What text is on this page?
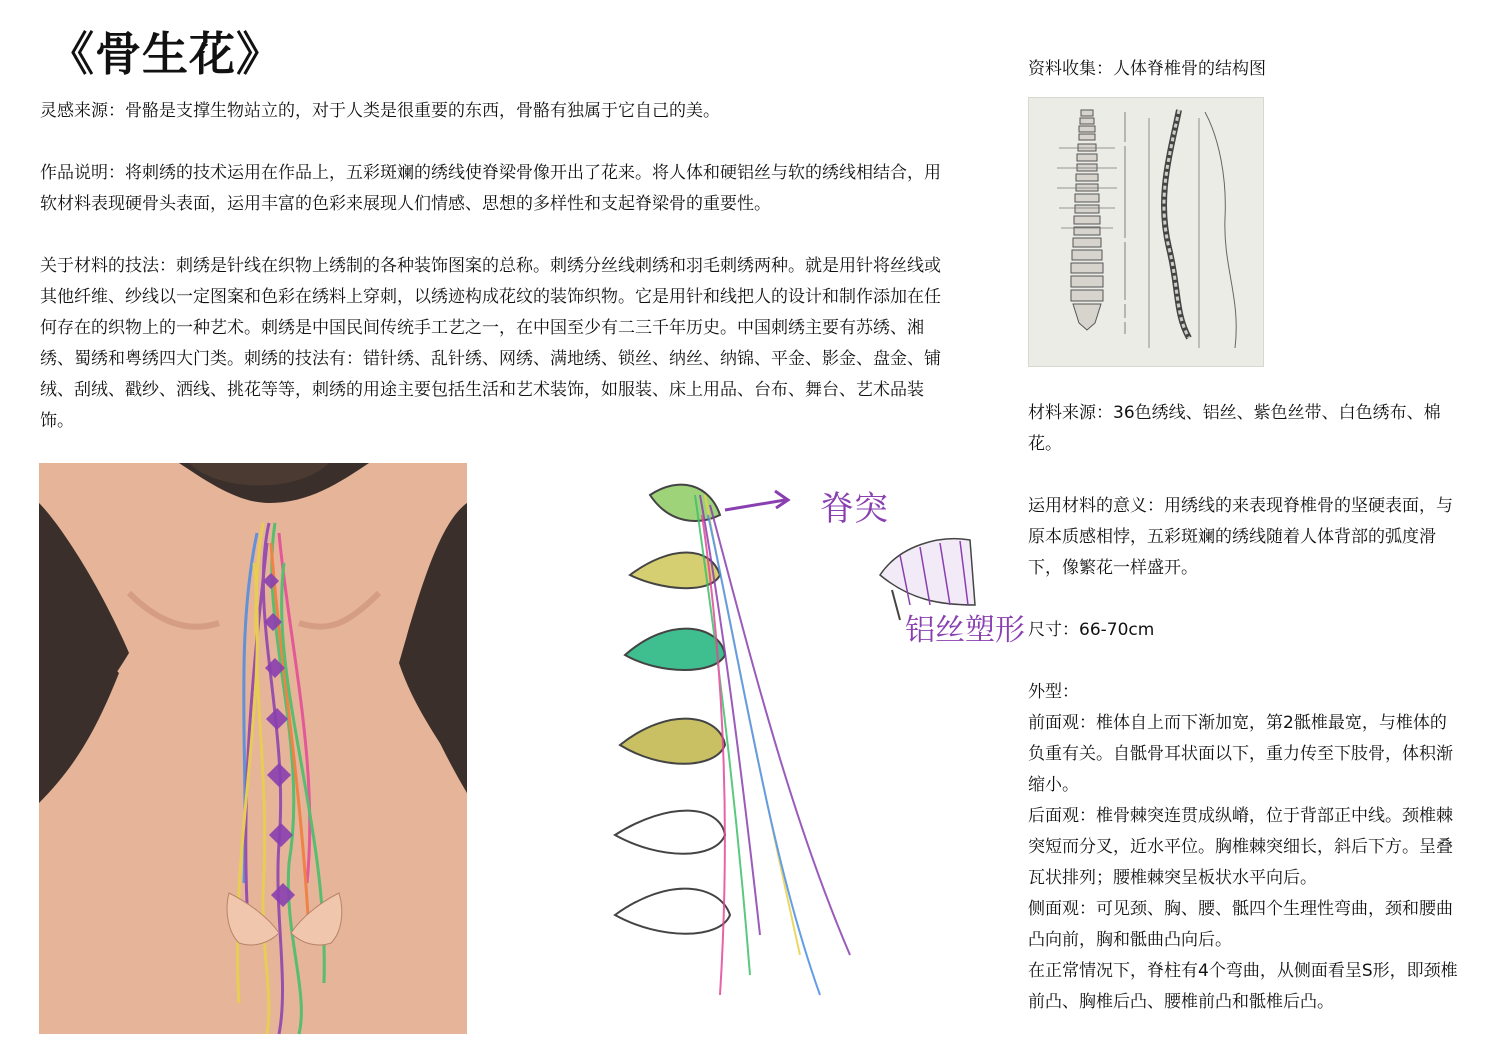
《骨生花》

灵感来源：骨骼是支撑生物站立的，对于人类是很重要的东西，骨骼有独属于它自己的美。

作品说明：将刺绣的技术运用在作品上，五彩斑斓的绣线使脊梁骨像开出了花来。将人体和硬铝丝与软的绣线相结合，用软材料表现硬骨头表面，运用丰富的色彩来展现人们情感、思想的多样性和支起脊梁骨的重要性。

关于材料的技法：刺绣是针线在织物上绣制的各种装饰图案的总称。刺绣分丝线刺绣和羽毛刺绣两种。就是用针将丝线或其他纤维、纱线以一定图案和色彩在绣料上穿刺，以绣迹构成花纹的装饰织物。它是用针和线把人的设计和制作添加在任何存在的织物上的一种艺术。刺绣是中国民间传统手工艺之一，在中国至少有二三千年历史。中国刺绣主要有苏绣、湘绣、蜀绣和粤绣四大门类。刺绣的技法有：错针绣、乱针绣、网绣、满地绣、锁丝、纳丝、纳锦、平金、影金、盘金、铺绒、刮绒、戳纱、洒线、挑花等等，刺绣的用途主要包括生活和艺术装饰，如服装、床上用品、台布、舞台、艺术品装饰。

资料收集：人体脊椎骨的结构图

材料来源：36色绣线、铝丝、紫色丝带、白色绣布、棉花。

运用材料的意义：用绣线的来表现脊椎骨的坚硬表面，与原本质感相悖，五彩斑斓的绣线随着人体背部的弧度滑下，像繁花一样盛开。

尺寸：66-70cm

外型：

前面观：椎体自上而下渐加宽，第2骶椎最宽，与椎体的负重有关。自骶骨耳状面以下，重力传至下肢骨，体积渐缩小。

后面观：椎骨棘突连贯成纵嵴，位于背部正中线。颈椎棘突短而分叉，近水平位。胸椎棘突细长，斜后下方。呈叠瓦状排列；腰椎棘突呈板状水平向后。

侧面观：可见颈、胸、腰、骶四个生理性弯曲，颈和腰曲凸向前，胸和骶曲凸向后。

在正常情况下，脊柱有4个弯曲，从侧面看呈S形，即颈椎前凸、胸椎后凸、腰椎前凸和骶椎后凸。

脊突
铝丝塑形
